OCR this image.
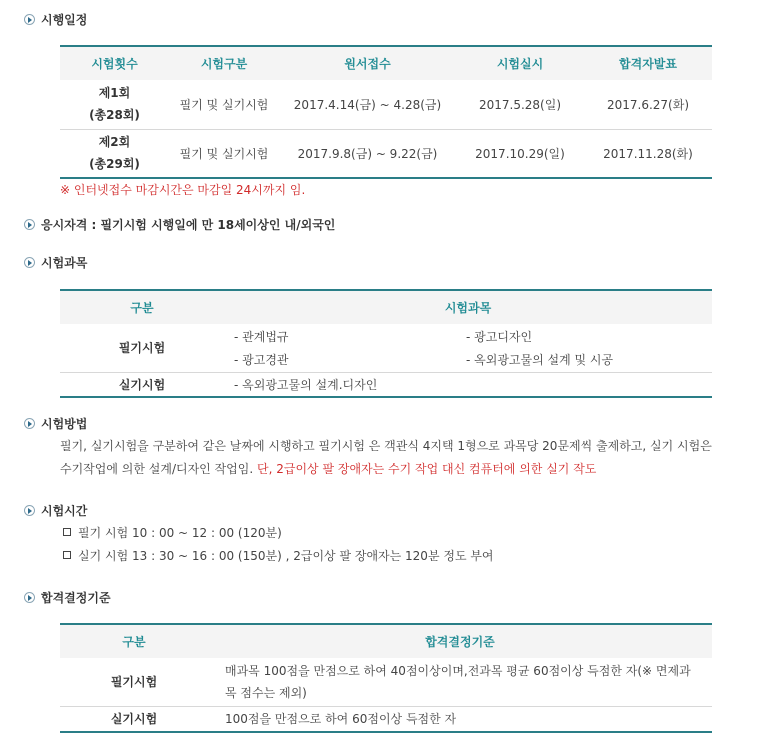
시행일정
시험횟수	시험구분	원서접수	시험실시	합격자발표

제1회
(총28회)	필기 및 실기시험	2017.4.14(금) ~ 4.28(금)	2017.5.28(일)	2017.6.27(화)

제2회
(총29회)	필기 및 실기시험	2017.9.8(금) ~ 9.22(금)	2017.10.29(일)	2017.11.28(화)
※ 인터넷접수 마감시간은 마감일 24시까지 임.
응시자격 : 필기시험 시행일에 만 18세이상인 내/외국인
시험과목
구분	시험과목	
필기시험	- 관계법규	- 광고디자인
	- 광고경관	- 옥외광고물의 설계 및 시공
실기시험	- 옥외광고물의 설계.디자인	
시험방법
필기, 실기시험을 구분하여 같은 날짜에 시행하고 필기시험 은 객관식 4지택 1형으로 과목당 20문제씩 출제하고, 실기 시험은
수기작업에 의한 설계/디자인 작업임. 단, 2급이상 팔 장애자는 수기 작업 대신 컴퓨터에 의한 실기 작도
시험시간
필기 시험 10 : 00 ~ 12 : 00 (120분)
실기 시험 13 : 30 ~ 16 : 00 (150분) , 2급이상 팔 장애자는 120분 정도 부여
합격결정기준
구분	합격결정기준
필기시험	매과목 100점을 만점으로 하여 40점이상이며,전과목 평균 60점이상 득점한 자(※ 면제과
목 점수는 제외)

실기시험	100점을 만점으로 하여 60점이상 득점한 자
